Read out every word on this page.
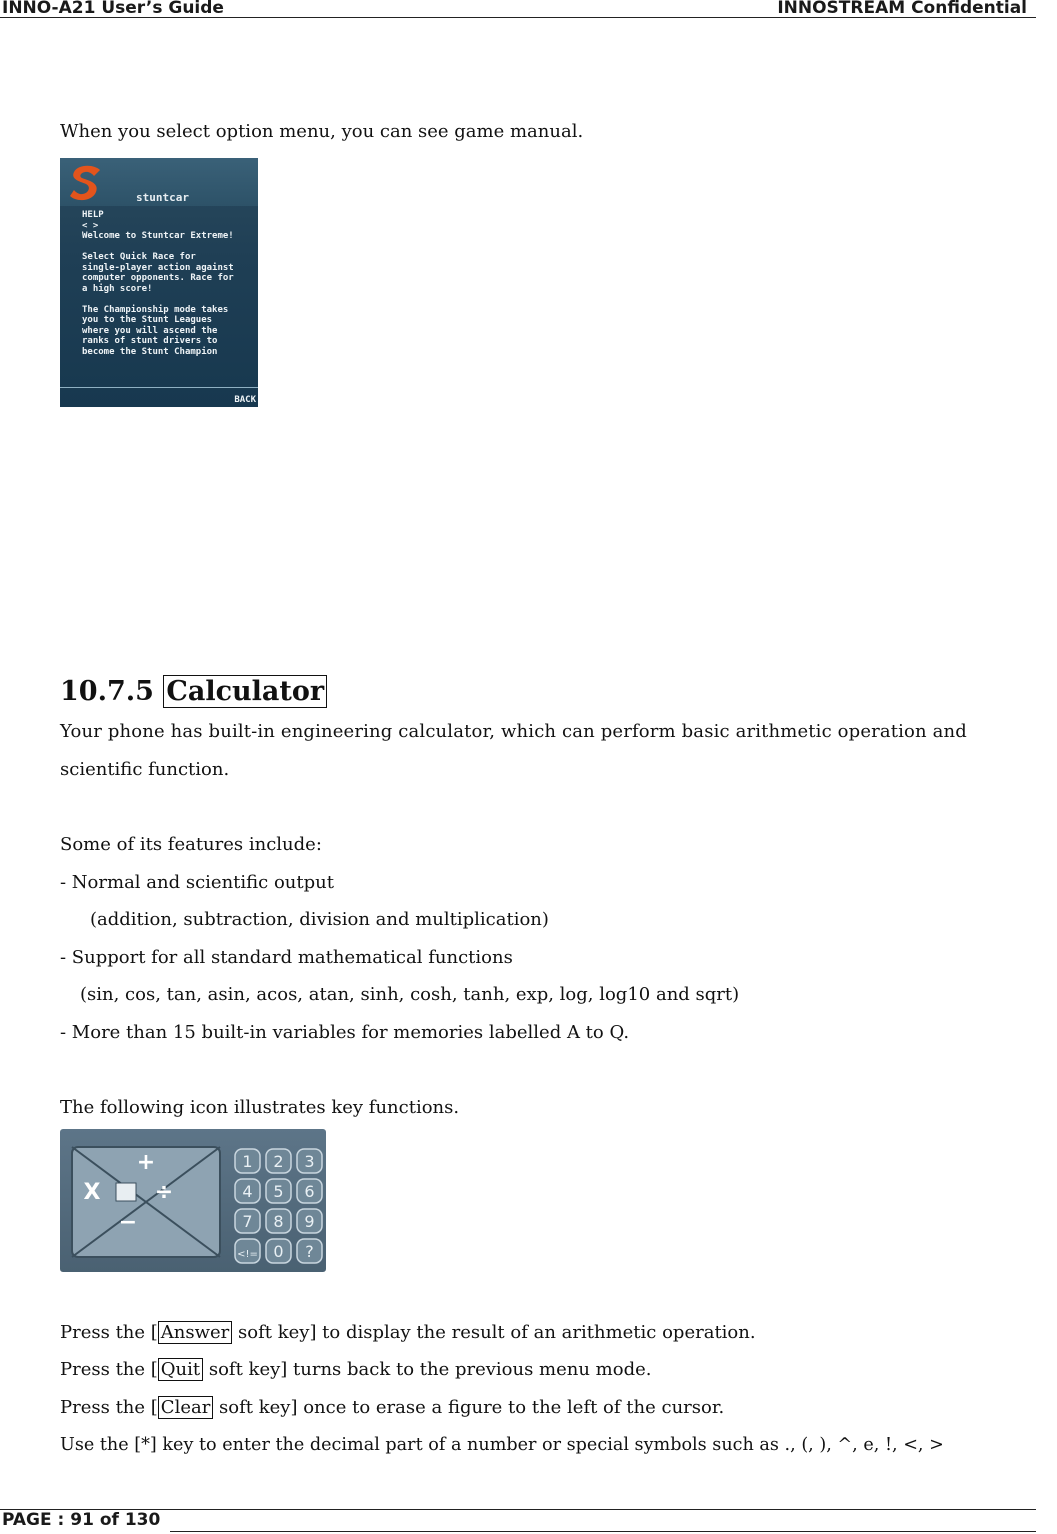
INNO-A21 User’s Guide	INNOSTREAM Confidential
When you select option menu, you can see game manual.
stuntcar
HELP
< >
Welcome to Stuntcar Extreme!

Select Quick Race for
single-player action against
computer opponents. Race for
a high score!

The Championship mode takes
you to the Stunt Leagues
where you will ascend the
ranks of stunt drivers to
become the Stunt Champion
BACK
10.7.5 Calculator
Your phone has built-in engineering calculator, which can perform basic arithmetic operation and
scientific function.
Some of its features include:
- Normal and scientific output
(addition, subtraction, division and multiplication)
- Support for all standard mathematical functions
(sin, cos, tan, asin, acos, atan, sinh, cosh, tanh, exp, log, log10 and sqrt)
- More than 15 built-in variables for memories labelled A to Q.
The following icon illustrates key functions.
+
X ÷
−
1 2 3
4 5 6
7 8 9
<!= 0 ?
Press the [ Answer soft key] to display the result of an arithmetic operation.
Press the [ Quit soft key] turns back to the previous menu mode.
Press the [ Clear soft key] once to erase a figure to the left of the cursor.
Use the [*] key to enter the decimal part of a number or special symbols such as ., (, ), ^, e, !, <, >
PAGE : 91 of 130
